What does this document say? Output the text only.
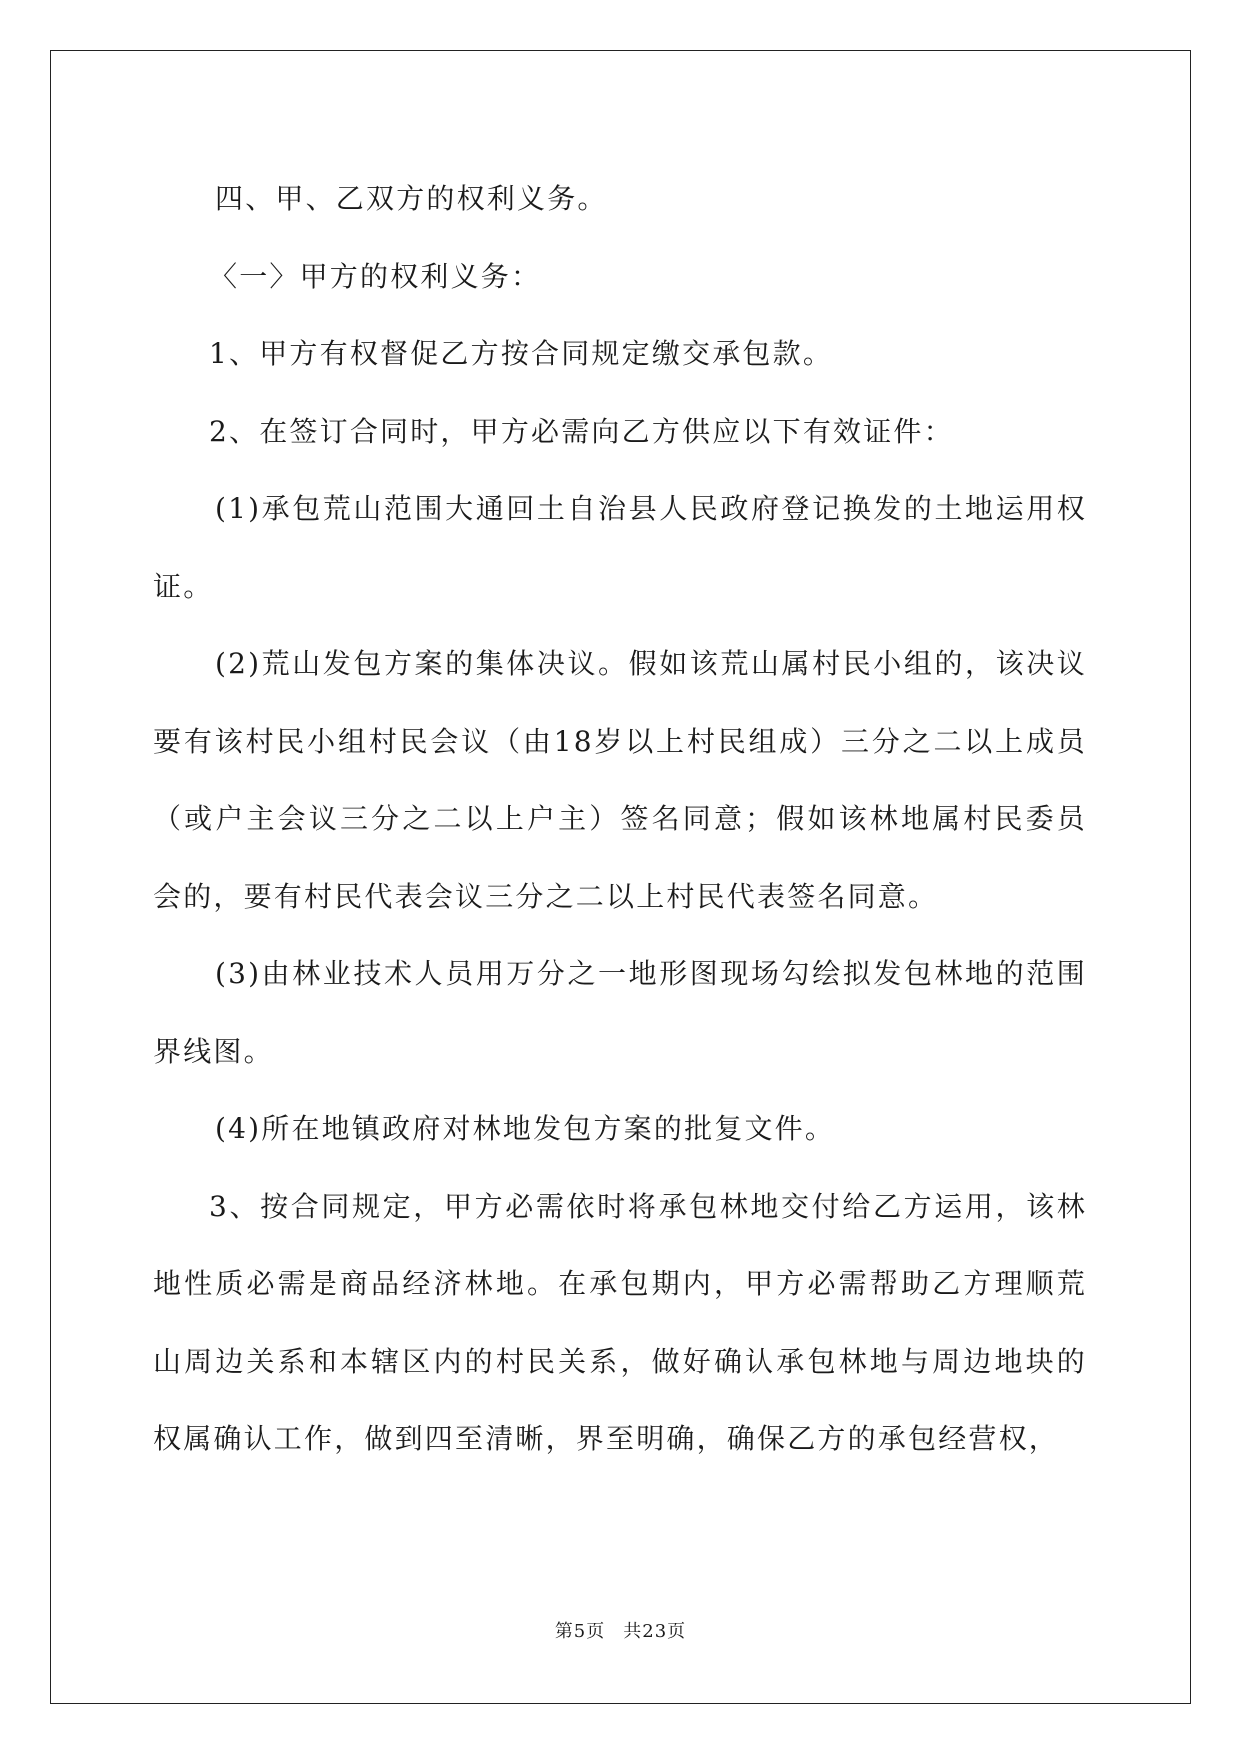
四、甲、乙双方的权利义务。

〈一〉甲方的权利义务：

1、甲方有权督促乙方按合同规定缴交承包款。

2、在签订合同时，甲方必需向乙方供应以下有效证件：

(1)承包荒山范围大通回土自治县人民政府登记换发的土地运用权证。

(2)荒山发包方案的集体决议。假如该荒山属村民小组的，该决议要有该村民小组村民会议（由18岁以上村民组成）三分之二以上成员（或户主会议三分之二以上户主）签名同意；假如该林地属村民委员会的，要有村民代表会议三分之二以上村民代表签名同意。

(3)由林业技术人员用万分之一地形图现场勾绘拟发包林地的范围界线图。

(4)所在地镇政府对林地发包方案的批复文件。

3、按合同规定，甲方必需依时将承包林地交付给乙方运用，该林地性质必需是商品经济林地。在承包期内，甲方必需帮助乙方理顺荒山周边关系和本辖区内的村民关系，做好确认承包林地与周边地块的权属确认工作，做到四至清晰，界至明确，确保乙方的承包经营权，

第5页 共23页
